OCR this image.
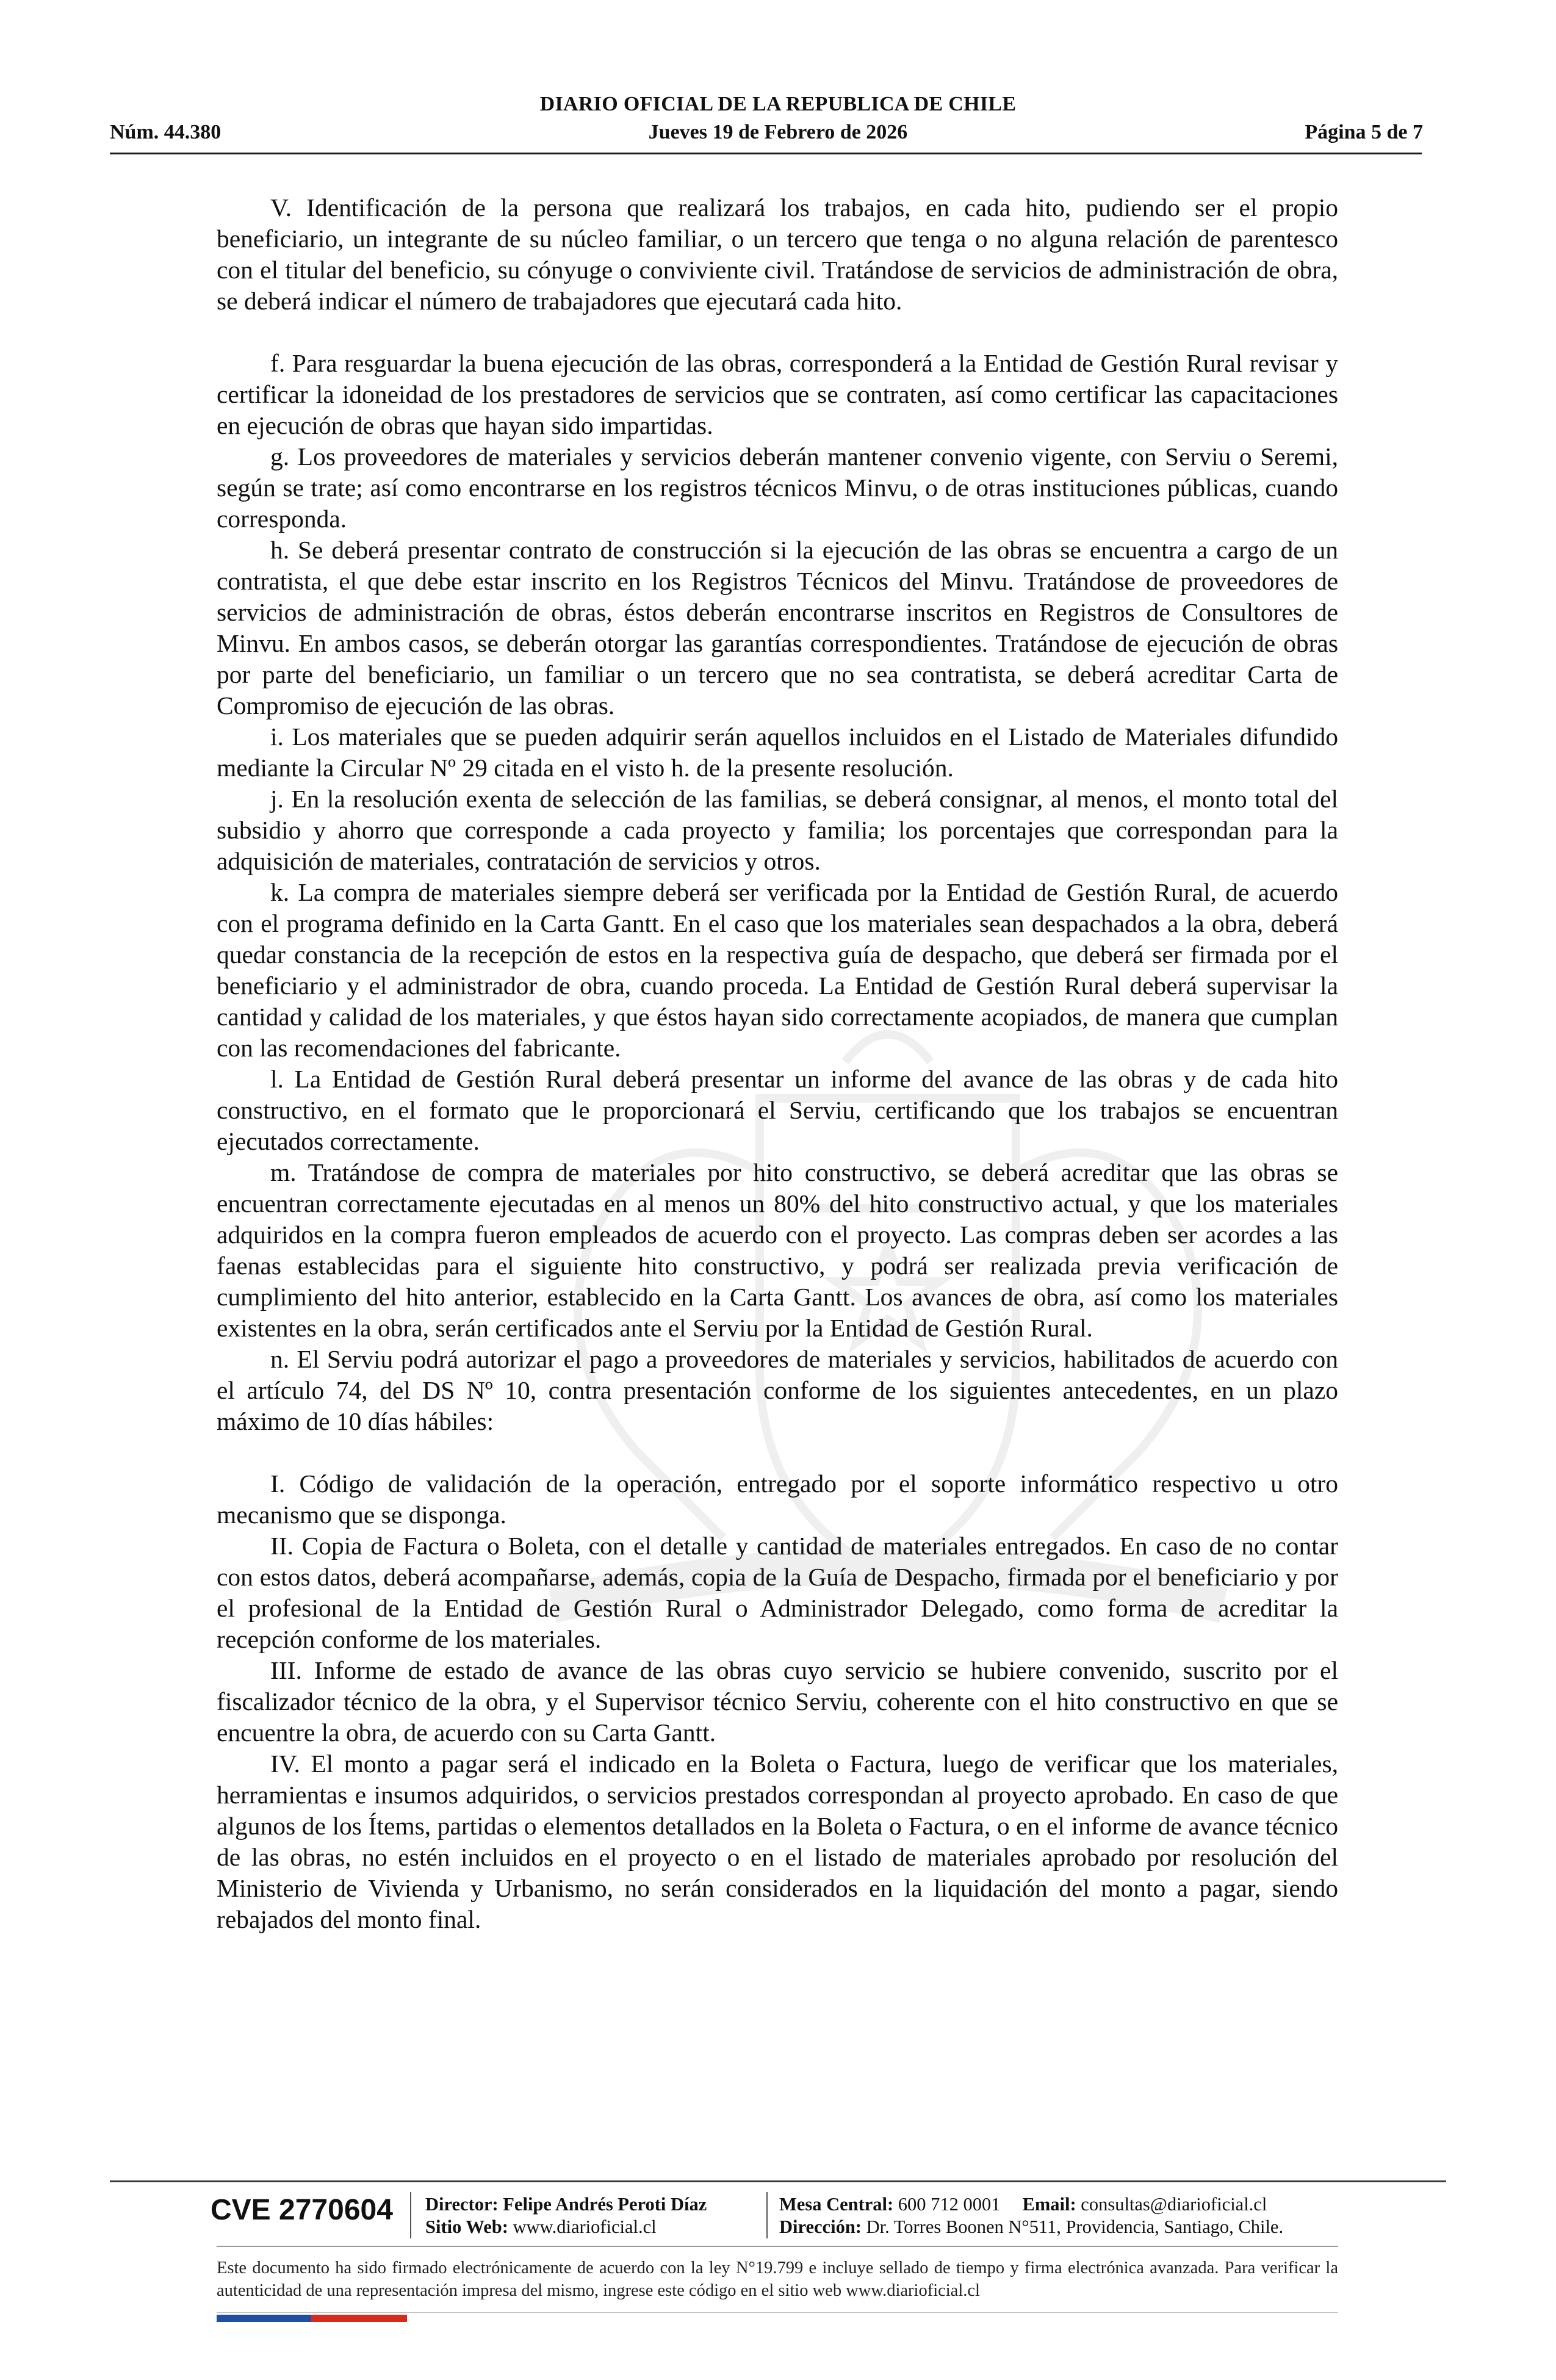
DIARIO OFICIAL DE LA REPUBLICA DE CHILE
Núm. 44.380	Jueves 19 de Febrero de 2026	Página 5 de 7

V. Identificación de la persona que realizará los trabajos, en cada hito, pudiendo ser el propio beneficiario, un integrante de su núcleo familiar, o un tercero que tenga o no alguna relación de parentesco con el titular del beneficio, su cónyuge o conviviente civil. Tratándose de servicios de administración de obra, se deberá indicar el número de trabajadores que ejecutará cada hito.

f. Para resguardar la buena ejecución de las obras, corresponderá a la Entidad de Gestión Rural revisar y certificar la idoneidad de los prestadores de servicios que se contraten, así como certificar las capacitaciones en ejecución de obras que hayan sido impartidas.

g. Los proveedores de materiales y servicios deberán mantener convenio vigente, con Serviu o Seremi, según se trate; así como encontrarse en los registros técnicos Minvu, o de otras instituciones públicas, cuando corresponda.

h. Se deberá presentar contrato de construcción si la ejecución de las obras se encuentra a cargo de un contratista, el que debe estar inscrito en los Registros Técnicos del Minvu. Tratándose de proveedores de servicios de administración de obras, éstos deberán encontrarse inscritos en Registros de Consultores de Minvu. En ambos casos, se deberán otorgar las garantías correspondientes. Tratándose de ejecución de obras por parte del beneficiario, un familiar o un tercero que no sea contratista, se deberá acreditar Carta de Compromiso de ejecución de las obras.

i. Los materiales que se pueden adquirir serán aquellos incluidos en el Listado de Materiales difundido mediante la Circular Nº 29 citada en el visto h. de la presente resolución.

j. En la resolución exenta de selección de las familias, se deberá consignar, al menos, el monto total del subsidio y ahorro que corresponde a cada proyecto y familia; los porcentajes que correspondan para la adquisición de materiales, contratación de servicios y otros.

k. La compra de materiales siempre deberá ser verificada por la Entidad de Gestión Rural, de acuerdo con el programa definido en la Carta Gantt. En el caso que los materiales sean despachados a la obra, deberá quedar constancia de la recepción de estos en la respectiva guía de despacho, que deberá ser firmada por el beneficiario y el administrador de obra, cuando proceda. La Entidad de Gestión Rural deberá supervisar la cantidad y calidad de los materiales, y que éstos hayan sido correctamente acopiados, de manera que cumplan con las recomendaciones del fabricante.

l. La Entidad de Gestión Rural deberá presentar un informe del avance de las obras y de cada hito constructivo, en el formato que le proporcionará el Serviu, certificando que los trabajos se encuentran ejecutados correctamente.

m. Tratándose de compra de materiales por hito constructivo, se deberá acreditar que las obras se encuentran correctamente ejecutadas en al menos un 80% del hito constructivo actual, y que los materiales adquiridos en la compra fueron empleados de acuerdo con el proyecto. Las compras deben ser acordes a las faenas establecidas para el siguiente hito constructivo, y podrá ser realizada previa verificación de cumplimiento del hito anterior, establecido en la Carta Gantt. Los avances de obra, así como los materiales existentes en la obra, serán certificados ante el Serviu por la Entidad de Gestión Rural.

n. El Serviu podrá autorizar el pago a proveedores de materiales y servicios, habilitados de acuerdo con el artículo 74, del DS Nº 10, contra presentación conforme de los siguientes antecedentes, en un plazo máximo de 10 días hábiles:

I. Código de validación de la operación, entregado por el soporte informático respectivo u otro mecanismo que se disponga.

II. Copia de Factura o Boleta, con el detalle y cantidad de materiales entregados. En caso de no contar con estos datos, deberá acompañarse, además, copia de la Guía de Despacho, firmada por el beneficiario y por el profesional de la Entidad de Gestión Rural o Administrador Delegado, como forma de acreditar la recepción conforme de los materiales.

III. Informe de estado de avance de las obras cuyo servicio se hubiere convenido, suscrito por el fiscalizador técnico de la obra, y el Supervisor técnico Serviu, coherente con el hito constructivo en que se encuentre la obra, de acuerdo con su Carta Gantt.

IV. El monto a pagar será el indicado en la Boleta o Factura, luego de verificar que los materiales, herramientas e insumos adquiridos, o servicios prestados correspondan al proyecto aprobado. En caso de que algunos de los Ítems, partidas o elementos detallados en la Boleta o Factura, o en el informe de avance técnico de las obras, no estén incluidos en el proyecto o en el listado de materiales aprobado por resolución del Ministerio de Vivienda y Urbanismo, no serán considerados en la liquidación del monto a pagar, siendo rebajados del monto final.

CVE 2770604 Director: Felipe Andrés Peroti Díaz
Sitio Web: www.diarioficial.cl
Mesa Central: 600 712 0001 Email: consultas@diarioficial.cl
Dirección: Dr. Torres Boonen N°511, Providencia, Santiago, Chile.
Este documento ha sido firmado electrónicamente de acuerdo con la ley N°19.799 e incluye sellado de tiempo y firma electrónica avanzada. Para verificar la autenticidad de una representación impresa del mismo, ingrese este código en el sitio web www.diarioficial.cl
